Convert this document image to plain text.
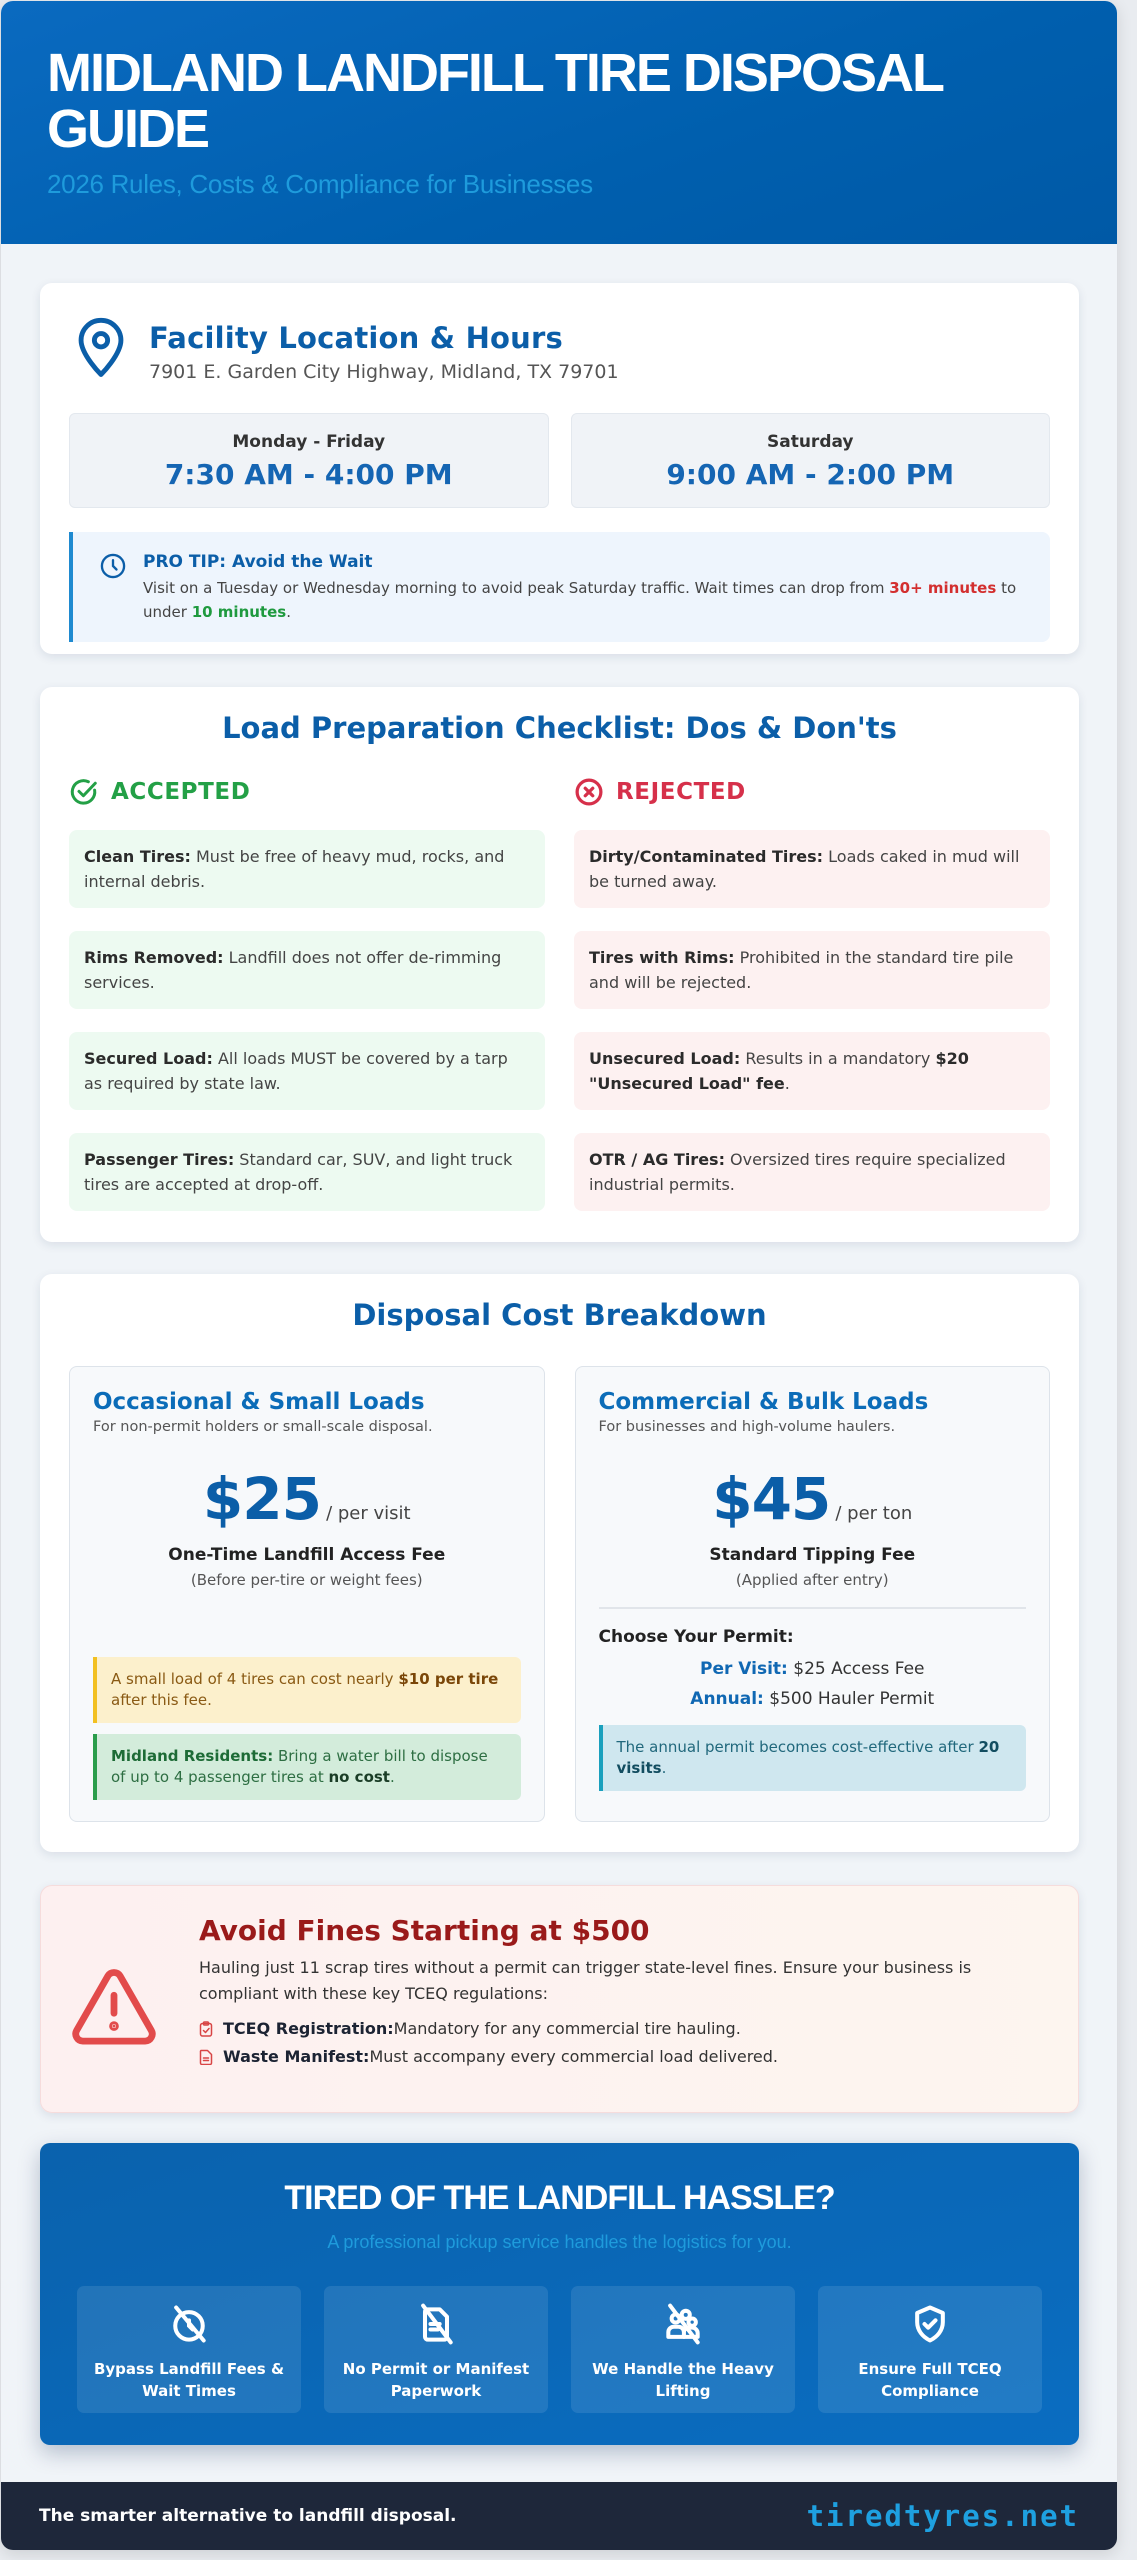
MIDLAND LANDFILL TIRE DISPOSAL GUIDE
2026 Rules, Costs & Compliance for Businesses
Facility Location & Hours
7901 E. Garden City Highway, Midland, TX 79701
Monday - Friday
7:30 AM - 4:00 PM
Saturday
9:00 AM - 2:00 PM
PRO TIP: Avoid the Wait
Visit on a Tuesday or Wednesday morning to avoid peak Saturday traffic. Wait times can drop from 30+ minutes to under 10 minutes.
Load Preparation Checklist: Dos & Don'ts
ACCEPTED
Clean Tires: Must be free of heavy mud, rocks, and internal debris.
Rims Removed: Landfill does not offer de-rimming services.
Secured Load: All loads MUST be covered by a tarp as required by state law.
Passenger Tires: Standard car, SUV, and light truck tires are accepted at drop-off.
REJECTED
Dirty/Contaminated Tires: Loads caked in mud will be turned away.
Tires with Rims: Prohibited in the standard tire pile and will be rejected.
Unsecured Load: Results in a mandatory $20 "Unsecured Load" fee.
OTR / AG Tires: Oversized tires require specialized industrial permits.
Disposal Cost Breakdown
Occasional & Small Loads
For non-permit holders or small-scale disposal.
$25 / per visit
One-Time Landfill Access Fee
(Before per-tire or weight fees)
A small load of 4 tires can cost nearly $10 per tire after this fee.
Midland Residents: Bring a water bill to dispose of up to 4 passenger tires at no cost.
Commercial & Bulk Loads
For businesses and high-volume haulers.
$45 / per ton
Standard Tipping Fee
(Applied after entry)
Choose Your Permit:
Per Visit: $25 Access Fee
Annual: $500 Hauler Permit
The annual permit becomes cost-effective after 20 visits.
Avoid Fines Starting at $500
Hauling just 11 scrap tires without a permit can trigger state-level fines. Ensure your business is compliant with these key TCEQ regulations:
TCEQ Registration: Mandatory for any commercial tire hauling.
Waste Manifest: Must accompany every commercial load delivered.
TIRED OF THE LANDFILL HASSLE?
A professional pickup service handles the logistics for you.
Bypass Landfill Fees & Wait Times
No Permit or Manifest Paperwork
We Handle the Heavy Lifting
Ensure Full TCEQ Compliance
The smarter alternative to landfill disposal.	tiredtyres.net
